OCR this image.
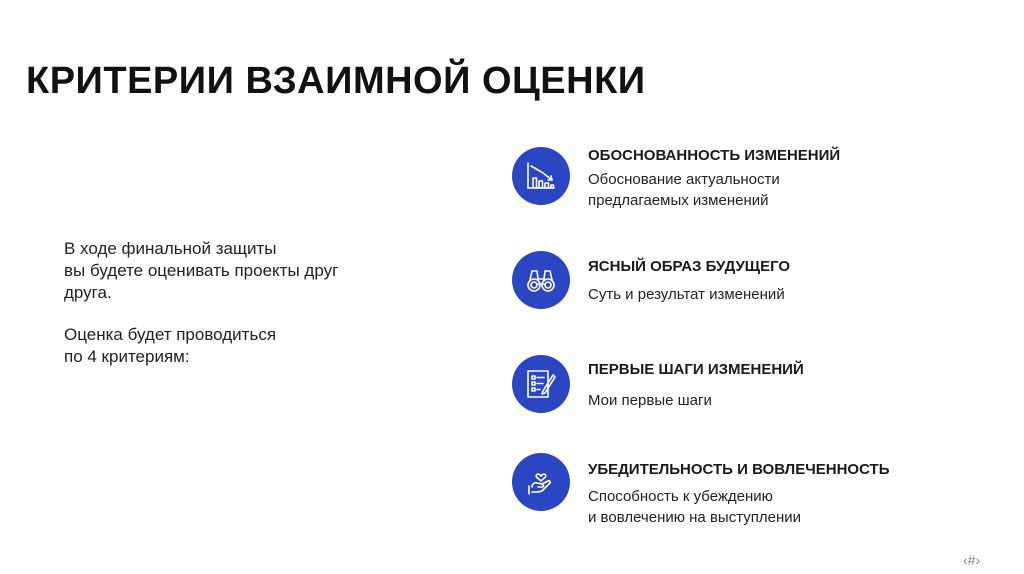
КРИТЕРИИ ВЗАИМНОЙ ОЦЕНКИ

В ходе финальной защиты
вы будете оценивать проекты друг
друга.

Оценка будет проводиться
по 4 критериям:

ОБОСНОВАННОСТЬ ИЗМЕНЕНИЙ
Обоснование актуальности
предлагаемых изменений
ЯСНЫЙ ОБРАЗ БУДУЩЕГО
Суть и результат изменений
ПЕРВЫЕ ШАГИ ИЗМЕНЕНИЙ
Мои первые шаги
УБЕДИТЕЛЬНОСТЬ И ВОВЛЕЧЕННОСТЬ
Способность к убеждению
и вовлечению на выступлении
‹#›
